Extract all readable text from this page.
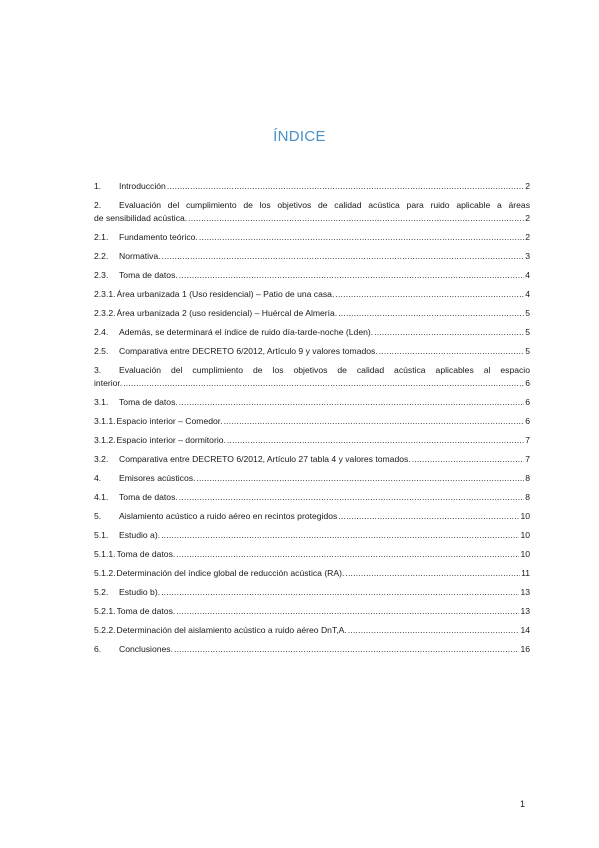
ÍNDICE
1.	Introducción .....	2
2. Evaluación del cumplimiento de los objetivos de calidad acústica para ruido aplicable a áreas
de sensibilidad acústica. .....	2
2.1.	Fundamento teórico. .....	2
2.2.	Normativa. .....	3
2.3.	Toma de datos. .....	4
2.3.1. Área urbanizada 1 (Uso residencial) – Patio de una casa. .....	4
2.3.2. Área urbanizada 2 (uso residencial) – Huércal de Almería. .....	5
2.4.	Además, se determinará el índice de ruido día-tarde-noche (Lden). .....	5
2.5.	Comparativa entre DECRETO 6/2012, Artículo 9 y valores tomados. .....	5
3. Evaluación del cumplimiento de los objetivos de calidad acústica aplicables al espacio
interior. .....	6
3.1.	Toma de datos. .....	6
3.1.1. Espacio interior – Comedor. .....	6
3.1.2. Espacio interior – dormitorio. .....	7
3.2.	Comparativa entre DECRETO 6/2012, Artículo 27 tabla 4 y valores tomados. .....	7
4.	Emisores acústicos. .....	8
4.1.	Toma de datos. .....	8
5.	Aislamiento acústico a ruido aéreo en recintos protegidos .....	10
5.1.	Estudio a). .....	10
5.1.1. Toma de datos. .....	10
5.1.2. Determinación del índice global de reducción acústica (RA). .....	11
5.2.	Estudio b). .....	13
5.2.1. Toma de datos. .....	13
5.2.2. Determinación del aislamiento acústico a ruido aéreo DnT,A. .....	14
6.	Conclusiones. .....	16
1
